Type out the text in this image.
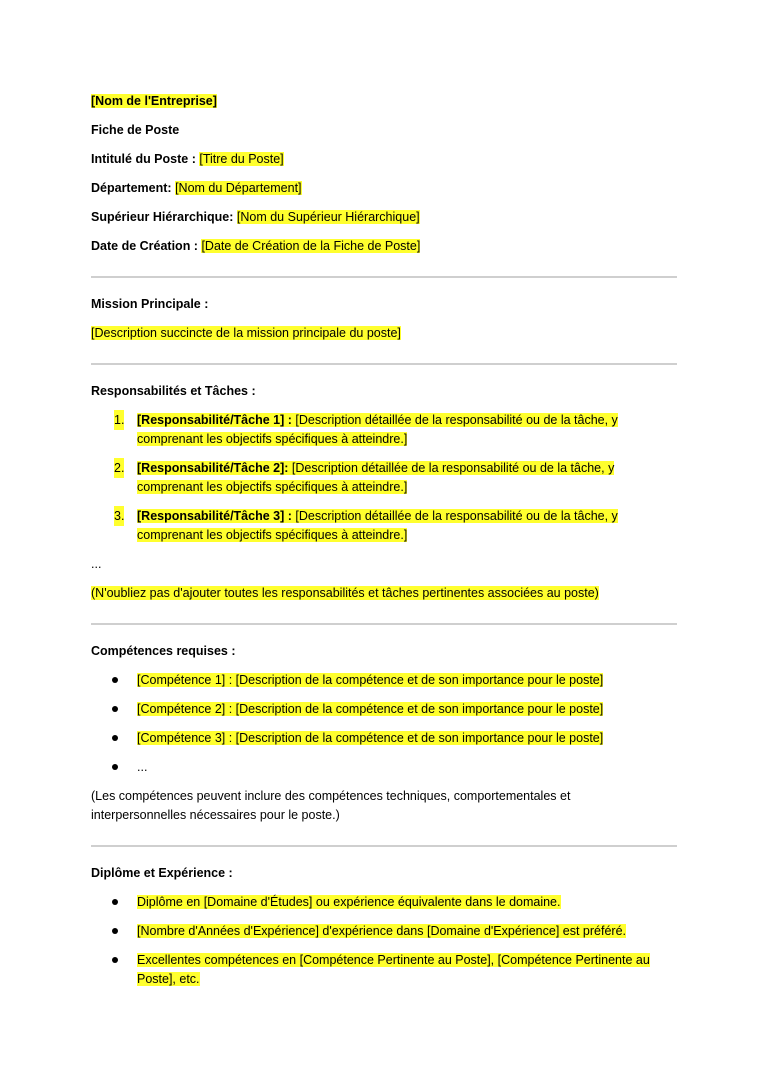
[Nom de l'Entreprise]
Fiche de Poste
Intitulé du Poste : [Titre du Poste]
Département: [Nom du Département]
Supérieur Hiérarchique: [Nom du Supérieur Hiérarchique]
Date de Création : [Date de Création de la Fiche de Poste]
Mission Principale :
[Description succincte de la mission principale du poste]
Responsabilités et Tâches :
1. [Responsabilité/Tâche 1] : [Description détaillée de la responsabilité ou de la tâche, y
comprenant les objectifs spécifiques à atteindre.]
2. [Responsabilité/Tâche 2]: [Description détaillée de la responsabilité ou de la tâche, y
comprenant les objectifs spécifiques à atteindre.]
3. [Responsabilité/Tâche 3] : [Description détaillée de la responsabilité ou de la tâche, y
comprenant les objectifs spécifiques à atteindre.]
...
(N'oubliez pas d'ajouter toutes les responsabilités et tâches pertinentes associées au poste)
Compétences requises :
[Compétence 1] : [Description de la compétence et de son importance pour le poste]
[Compétence 2] : [Description de la compétence et de son importance pour le poste]
[Compétence 3] : [Description de la compétence et de son importance pour le poste]
...
(Les compétences peuvent inclure des compétences techniques, comportementales et
interpersonnelles nécessaires pour le poste.)
Diplôme et Expérience :
Diplôme en [Domaine d'Études] ou expérience équivalente dans le domaine.
[Nombre d'Années d'Expérience] d'expérience dans [Domaine d'Expérience] est préféré.
Excellentes compétences en [Compétence Pertinente au Poste], [Compétence Pertinente au
Poste], etc.
